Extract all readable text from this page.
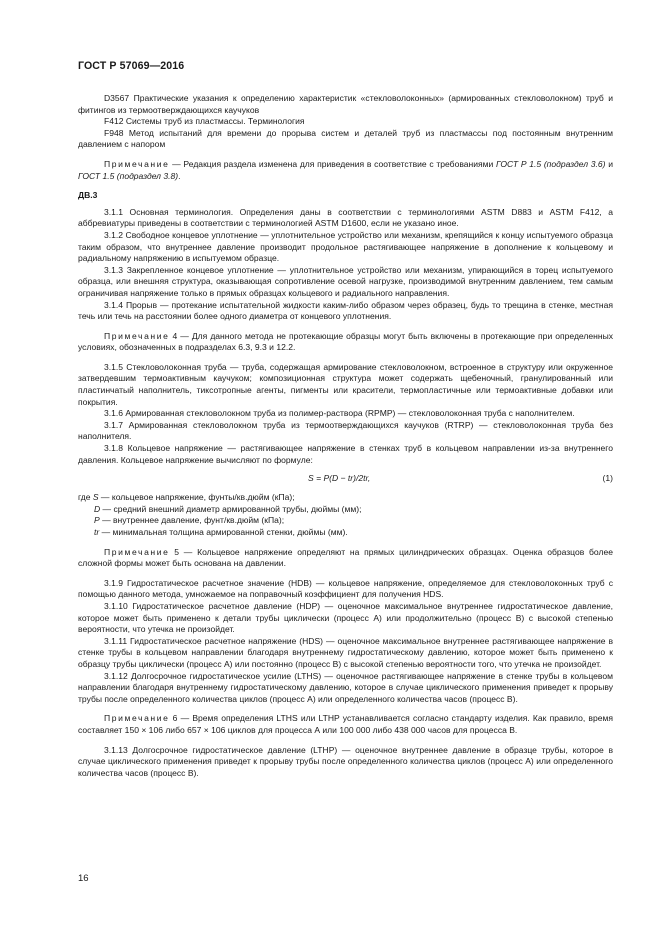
ГОСТ Р 57069—2016

D3567 Практические указания к определению характеристик «стекловолоконных» (армированных стекловолокном) труб и фитингов из термоотверждающихся каучуков

F412 Системы труб из пластмассы. Терминология

F948 Метод испытаний для времени до прорыва систем и деталей труб из пластмассы под постоянным внутренним давлением с напором

Примечание — Редакция раздела изменена для приведения в соответствие с требованиями ГОСТ Р 1.5 (подраздел 3.6) и ГОСТ 1.5 (подраздел 3.8).

ДВ.3

3.1.1 Основная терминология. Определения даны в соответствии с терминологиями ASTM D883 и ASTM F412, а аббревиатуры приведены в соответствии с терминологией ASTM D1600, если не указано иное.

3.1.2 Свободное концевое уплотнение — уплотнительное устройство или механизм, крепящийся к концу испытуемого образца таким образом, что внутреннее давление производит продольное растягивающее напряжение в дополнение к кольцевому и радиальному напряжению в испытуемом образце.

3.1.3 Закрепленное концевое уплотнение — уплотнительное устройство или механизм, упирающийся в торец испытуемого образца, или внешняя структура, оказывающая сопротивление осевой нагрузке, производимой внутренним давлением, тем самым ограничивая напряжение только в прямых образцах кольцевого и радиального направления.

3.1.4 Прорыв — протекание испытательной жидкости каким-либо образом через образец, будь то трещина в стенке, местная течь или течь на расстоянии более одного диаметра от концевого уплотнения.

Примечание 4 — Для данного метода не протекающие образцы могут быть включены в протекающие при определенных условиях, обозначенных в подразделах 6.3, 9.3 и 12.2.

3.1.5 Стекловолоконная труба — труба, содержащая армирование стекловолокном, встроенное в структуру или окруженное затвердевшим термоактивным каучуком; композиционная структура может содержать щебеночный, гранулированный или пластинчатый наполнитель, тиксотропные агенты, пигменты или красители, термопластичные или термоактивные добавки или покрытия.

3.1.6 Армированная стекловолокном труба из полимер-раствора (RPMP) — стекловолоконная труба с наполнителем.

3.1.7 Армированная стекловолокном труба из термоотверждающихся каучуков (RTRP) — стекловолоконная труба без наполнителя.

3.1.8 Кольцевое напряжение — растягивающее напряжение в стенках труб в кольцевом направлении из-за внутреннего давления. Кольцевое напряжение вычисляют по формуле:

S = P(D − tr)/2tr,	(1)

где S — кольцевое напряжение, фунты/кв.дюйм (кПа);

D — средний внешний диаметр армированной трубы, дюймы (мм);

P — внутреннее давление, фунт/кв.дюйм (кПа);

tr — минимальная толщина армированной стенки, дюймы (мм).

Примечание 5 — Кольцевое напряжение определяют на прямых цилиндрических образцах. Оценка образцов более сложной формы может быть основана на давлении.

3.1.9 Гидростатическое расчетное значение (HDB) — кольцевое напряжение, определяемое для стекловолоконных труб с помощью данного метода, умножаемое на поправочный коэффициент для получения HDS.

3.1.10 Гидростатическое расчетное давление (HDP) — оценочное максимальное внутреннее гидростатическое давление, которое может быть применено к детали трубы циклически (процесс А) или продолжительно (процесс В) с высокой степенью вероятности, что утечка не произойдет.

3.1.11 Гидростатическое расчетное напряжение (HDS) — оценочное максимальное внутреннее растягивающее напряжение в стенке трубы в кольцевом направлении благодаря внутреннему гидростатическому давлению, которое может быть применено к образцу трубы циклически (процесс А) или постоянно (процесс В) с высокой степенью вероятности того, что утечка не произойдет.

3.1.12 Долгосрочное гидростатическое усилие (LTHS) — оценочное растягивающее напряжение в стенке трубы в кольцевом направлении благодаря внутреннему гидростатическому давлению, которое в случае циклического применения приведет к прорыву трубы после определенного количества циклов (процесс А) или определенного количества часов (процесс В).

Примечание 6 — Время определения LTHS или LTHP устанавливается согласно стандарту изделия. Как правило, время составляет 150 × 106 либо 657 × 106 циклов для процесса А или 100 000 либо 438 000 часов для процесса В.

3.1.13 Долгосрочное гидростатическое давление (LTHP) — оценочное внутреннее давление в образце трубы, которое в случае циклического применения приведет к прорыву трубы после определенного количества циклов (процесс А) или определенного количества часов (процесс В).

16
